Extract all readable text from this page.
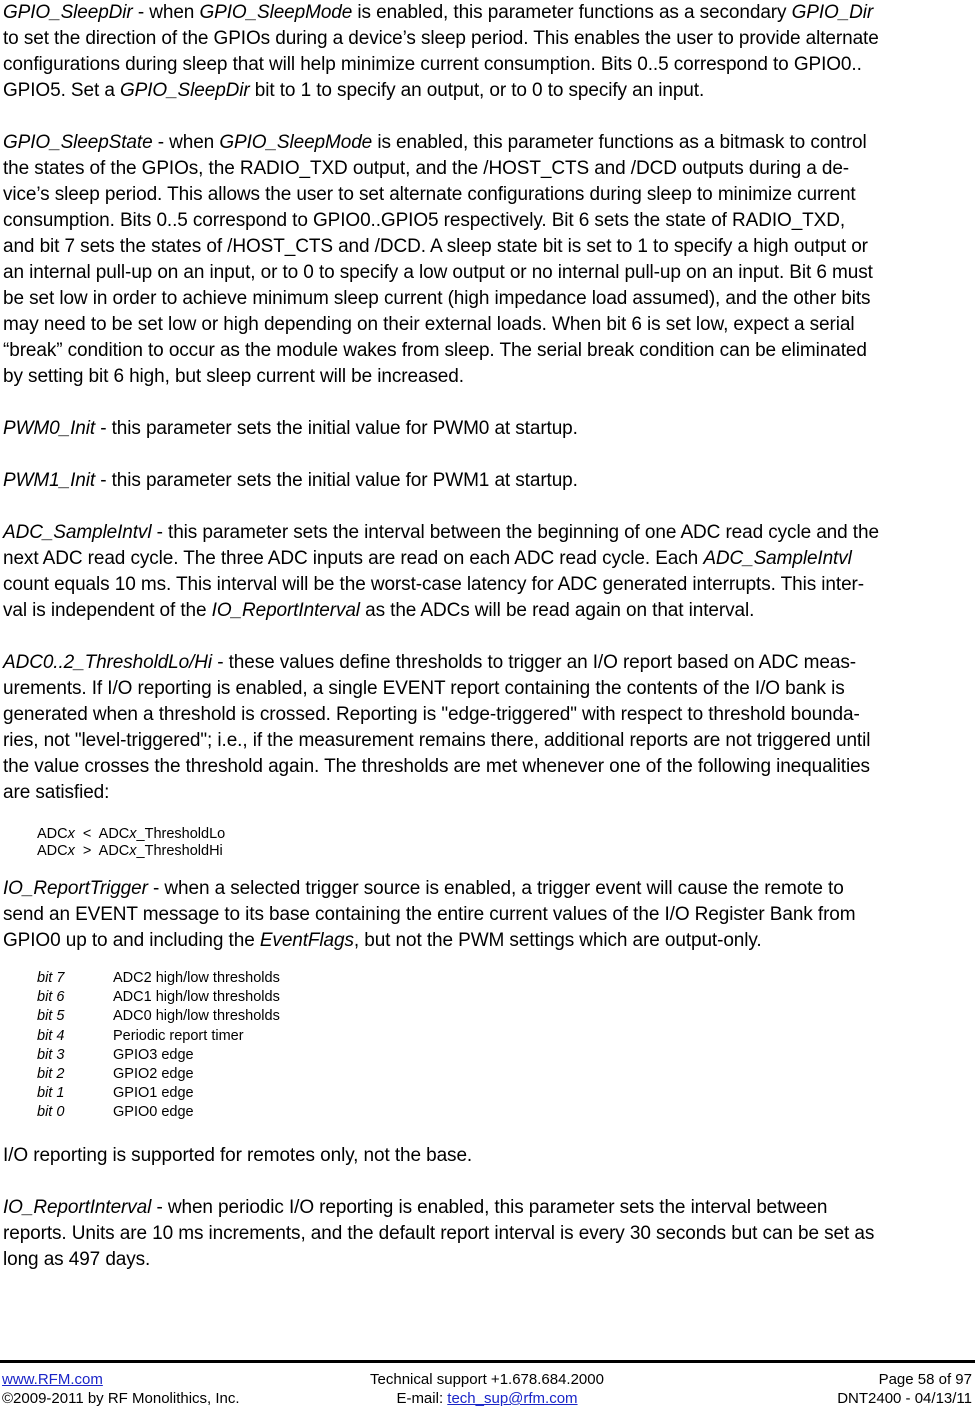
GPIO_SleepDir - when GPIO_SleepMode is enabled, this parameter functions as a secondary GPIO_Dir
to set the direction of the GPIOs during a device’s sleep period. This enables the user to provide alternate
configurations during sleep that will help minimize current consumption. Bits 0..5 correspond to GPIO0..
GPIO5. Set a GPIO_SleepDir bit to 1 to specify an output, or to 0 to specify an input.

GPIO_SleepState - when GPIO_SleepMode is enabled, this parameter functions as a bitmask to control
the states of the GPIOs, the RADIO_TXD output, and the /HOST_CTS and /DCD outputs during a de-
vice’s sleep period. This allows the user to set alternate configurations during sleep to minimize current
consumption. Bits 0..5 correspond to GPIO0..GPIO5 respectively. Bit 6 sets the state of RADIO_TXD,
and bit 7 sets the states of /HOST_CTS and /DCD. A sleep state bit is set to 1 to specify a high output or
an internal pull-up on an input, or to 0 to specify a low output or no internal pull-up on an input. Bit 6 must
be set low in order to achieve minimum sleep current (high impedance load assumed), and the other bits
may need to be set low or high depending on their external loads. When bit 6 is set low, expect a serial
“break” condition to occur as the module wakes from sleep. The serial break condition can be eliminated
by setting bit 6 high, but sleep current will be increased.

PWM0_Init - this parameter sets the initial value for PWM0 at startup.

PWM1_Init - this parameter sets the initial value for PWM1 at startup.

ADC_SampleIntvl - this parameter sets the interval between the beginning of one ADC read cycle and the
next ADC read cycle. The three ADC inputs are read on each ADC read cycle. Each ADC_SampleIntvl
count equals 10 ms. This interval will be the worst-case latency for ADC generated interrupts. This inter-
val is independent of the IO_ReportInterval as the ADCs will be read again on that interval.

ADC0..2_ThresholdLo/Hi - these values define thresholds to trigger an I/O report based on ADC meas-
urements. If I/O reporting is enabled, a single EVENT report containing the contents of the I/O bank is
generated when a threshold is crossed. Reporting is "edge-triggered" with respect to threshold bounda-
ries, not "level-triggered"; i.e., if the measurement remains there, additional reports are not triggered until
the value crosses the threshold again. The thresholds are met whenever one of the following inequalities
are satisfied:

ADCx  <  ADCx_ThresholdLo
ADCx  >  ADCx_ThresholdHi

IO_ReportTrigger - when a selected trigger source is enabled, a trigger event will cause the remote to
send an EVENT message to its base containing the entire current values of the I/O Register Bank from
GPIO0 up to and including the EventFlags, but not the PWM settings which are output-only.

bit 7	ADC2 high/low thresholds
bit 6	ADC1 high/low thresholds
bit 5	ADC0 high/low thresholds
bit 4	Periodic report timer
bit 3	GPIO3 edge
bit 2	GPIO2 edge
bit 1	GPIO1 edge
bit 0	GPIO0 edge

I/O reporting is supported for remotes only, not the base.

IO_ReportInterval - when periodic I/O reporting is enabled, this parameter sets the interval between
reports. Units are 10 ms increments, and the default report interval is every 30 seconds but can be set as
long as 497 days.

www.RFM.com	Technical support +1.678.684.2000	Page 58 of 97
©2009-2011 by RF Monolithics, Inc.	E-mail: tech_sup@rfm.com	DNT2400 - 04/13/11
